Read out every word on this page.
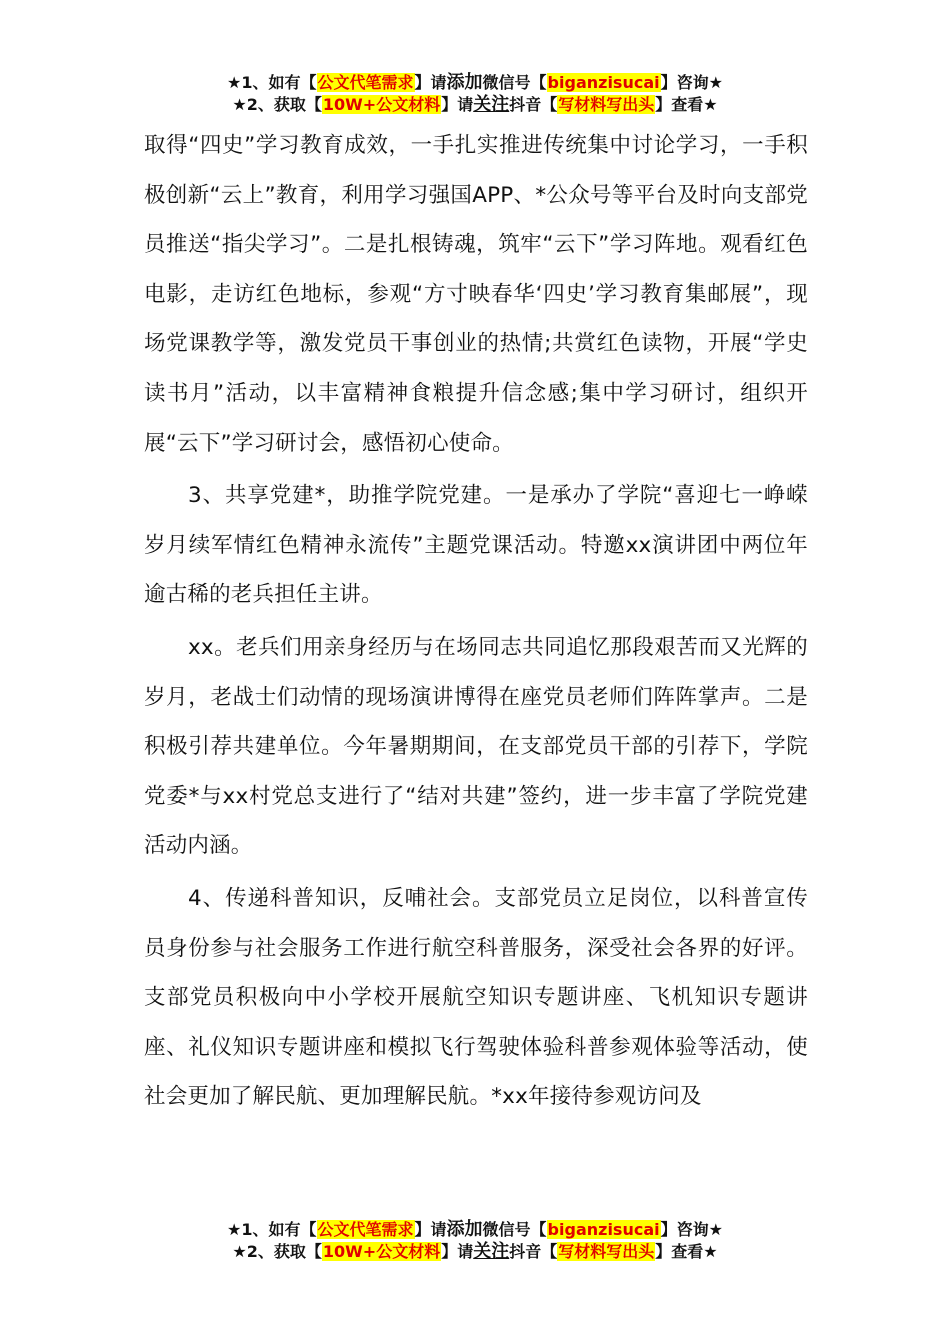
★1、如有【公文代笔需求】请添加微信号【biganzisucai】咨询★
★2、获取【10W+公文材料】请关注抖音【写材料写出头】查看★

取得“四史”学习教育成效，一手扎实推进传统集中讨论学习，一手积极创新“云上”教育，利用学习强国APP、*公众号等平台及时向支部党员推送“指尖学习”。二是扎根铸魂，筑牢“云下”学习阵地。观看红色电影，走访红色地标，参观“方寸映春华‘四史’学习教育集邮展”，现场党课教学等，激发党员干事创业的热情;共赏红色读物，开展“学史读书月”活动，以丰富精神食粮提升信念感;集中学习研讨，组织开展“云下”学习研讨会，感悟初心使命。

3、共享党建*，助推学院党建。一是承办了学院“喜迎七一峥嵘岁月续军情红色精神永流传”主题党课活动。特邀xx演讲团中两位年逾古稀的老兵担任主讲。

xx。老兵们用亲身经历与在场同志共同追忆那段艰苦而又光辉的岁月，老战士们动情的现场演讲博得在座党员老师们阵阵掌声。二是积极引荐共建单位。今年暑期期间，在支部党员干部的引荐下，学院党委*与xx村党总支进行了“结对共建”签约，进一步丰富了学院党建活动内涵。

4、传递科普知识，反哺社会。支部党员立足岗位，以科普宣传员身份参与社会服务工作进行航空科普服务，深受社会各界的好评。支部党员积极向中小学校开展航空知识专题讲座、飞机知识专题讲座、礼仪知识专题讲座和模拟飞行驾驶体验科普参观体验等活动，使社会更加了解民航、更加理解民航。*xx年接待参观访问及

★1、如有【公文代笔需求】请添加微信号【biganzisucai】咨询★
★2、获取【10W+公文材料】请关注抖音【写材料写出头】查看★
